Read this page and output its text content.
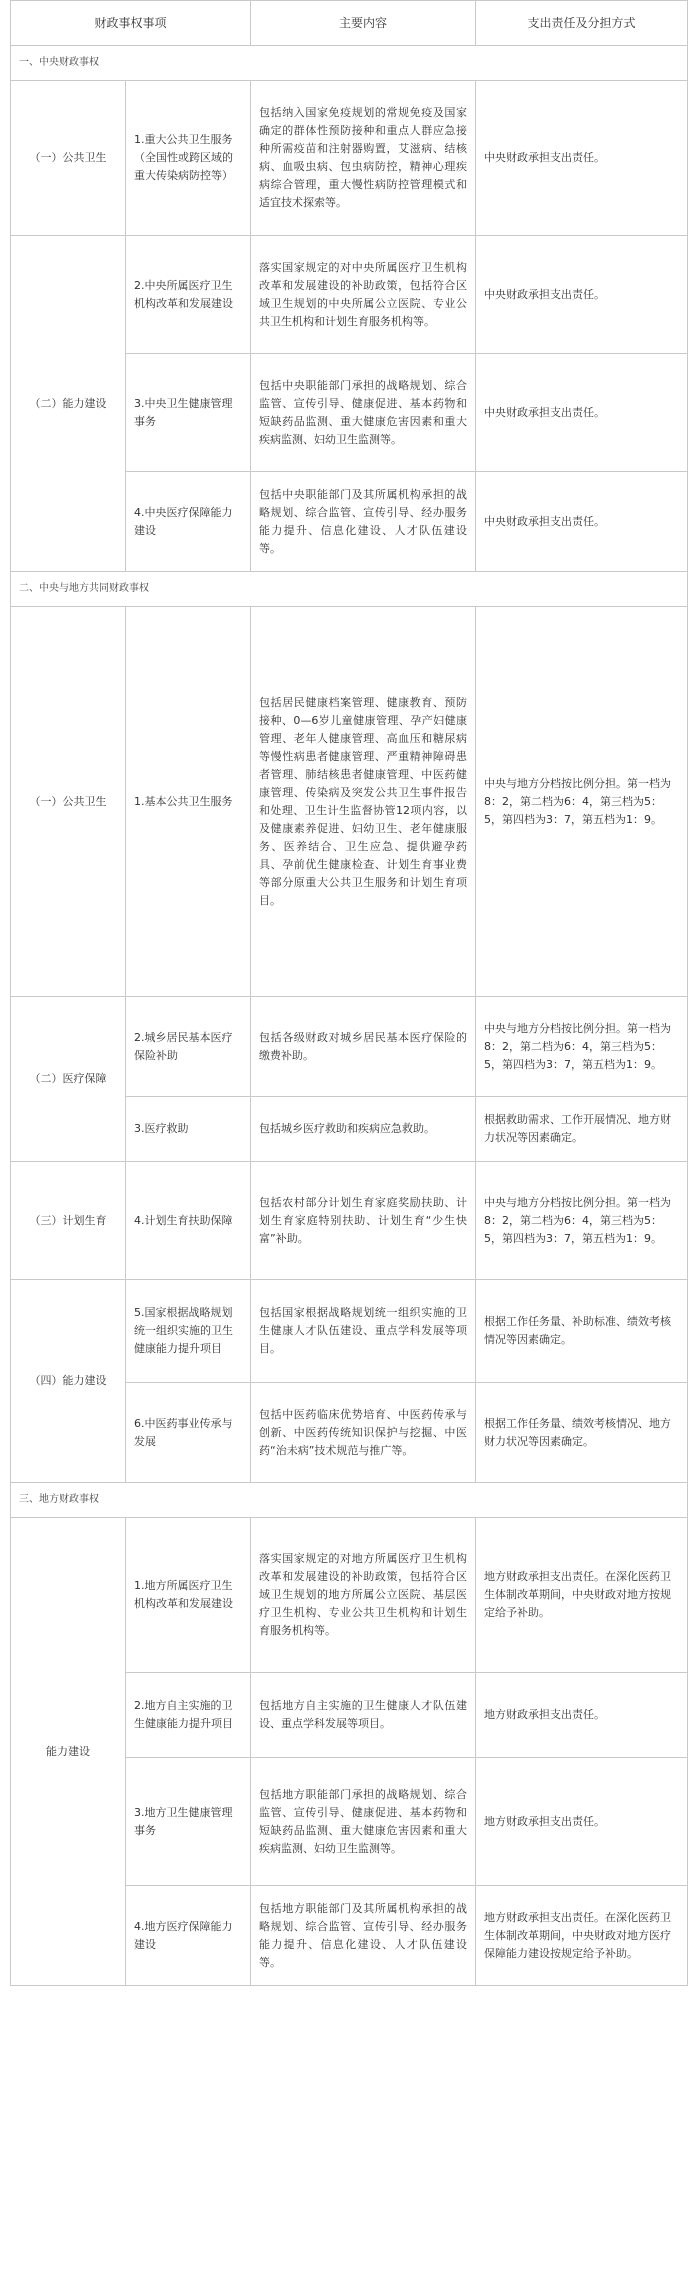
财政事权事项		主要内容	支出责任及分担方式
一、中央财政事权			
（一）公共卫生	1.重大公共卫生服务（全国性或跨区域的重大传染病防控等）	包括纳入国家免疫规划的常规免疫及国家确定的群体性预防接种和重点人群应急接种所需疫苗和注射器购置，艾滋病、结核病、血吸虫病、包虫病防控，精神心理疾病综合管理，重大慢性病防控管理模式和适宜技术探索等。	中央财政承担支出责任。
（二）能力建设	2.中央所属医疗卫生机构改革和发展建设	落实国家规定的对中央所属医疗卫生机构改革和发展建设的补助政策，包括符合区域卫生规划的中央所属公立医院、专业公共卫生机构和计划生育服务机构等。	中央财政承担支出责任。
	3.中央卫生健康管理事务	包括中央职能部门承担的战略规划、综合监管、宣传引导、健康促进、基本药物和短缺药品监测、重大健康危害因素和重大疾病监测、妇幼卫生监测等。	中央财政承担支出责任。
	4.中央医疗保障能力建设	包括中央职能部门及其所属机构承担的战略规划、综合监管、宣传引导、经办服务能力提升、信息化建设、人才队伍建设等。	中央财政承担支出责任。
二、中央与地方共同财政事权			
（一）公共卫生	1.基本公共卫生服务	包括居民健康档案管理、健康教育、预防接种、0—6岁儿童健康管理、孕产妇健康管理、老年人健康管理、高血压和糖尿病等慢性病患者健康管理、严重精神障碍患者管理、肺结核患者健康管理、中医药健康管理、传染病及突发公共卫生事件报告和处理、卫生计生监督协管12项内容，以及健康素养促进、妇幼卫生、老年健康服务、医养结合、卫生应急、提供避孕药具、孕前优生健康检查、计划生育事业费等部分原重大公共卫生服务和计划生育项目。	中央与地方分档按比例分担。第一档为8：2，第二档为6：4，第三档为5：5，第四档为3：7，第五档为1：9。
（二）医疗保障	2.城乡居民基本医疗保险补助	包括各级财政对城乡居民基本医疗保险的缴费补助。	中央与地方分档按比例分担。第一档为8：2，第二档为6：4，第三档为5：5，第四档为3：7，第五档为1：9。
	3.医疗救助	包括城乡医疗救助和疾病应急救助。	根据救助需求、工作开展情况、地方财力状况等因素确定。
（三）计划生育	4.计划生育扶助保障	包括农村部分计划生育家庭奖励扶助、计划生育家庭特别扶助、计划生育“少生快富”补助。	中央与地方分档按比例分担。第一档为8：2，第二档为6：4，第三档为5：5，第四档为3：7，第五档为1：9。
（四）能力建设	5.国家根据战略规划统一组织实施的卫生健康能力提升项目	包括国家根据战略规划统一组织实施的卫生健康人才队伍建设、重点学科发展等项目。	根据工作任务量、补助标准、绩效考核情况等因素确定。
	6.中医药事业传承与发展	包括中医药临床优势培育、中医药传承与创新、中医药传统知识保护与挖掘、中医药“治未病”技术规范与推广等。	根据工作任务量、绩效考核情况、地方财力状况等因素确定。
三、地方财政事权			
能力建设	1.地方所属医疗卫生机构改革和发展建设	落实国家规定的对地方所属医疗卫生机构改革和发展建设的补助政策，包括符合区域卫生规划的地方所属公立医院、基层医疗卫生机构、专业公共卫生机构和计划生育服务机构等。	地方财政承担支出责任。在深化医药卫生体制改革期间，中央财政对地方按规定给予补助。
	2.地方自主实施的卫生健康能力提升项目	包括地方自主实施的卫生健康人才队伍建设、重点学科发展等项目。	地方财政承担支出责任。
	3.地方卫生健康管理事务	包括地方职能部门承担的战略规划、综合监管、宣传引导、健康促进、基本药物和短缺药品监测、重大健康危害因素和重大疾病监测、妇幼卫生监测等。	地方财政承担支出责任。
	4.地方医疗保障能力建设	包括地方职能部门及其所属机构承担的战略规划、综合监管、宣传引导、经办服务能力提升、信息化建设、人才队伍建设等。	地方财政承担支出责任。在深化医药卫生体制改革期间，中央财政对地方医疗保障能力建设按规定给予补助。
